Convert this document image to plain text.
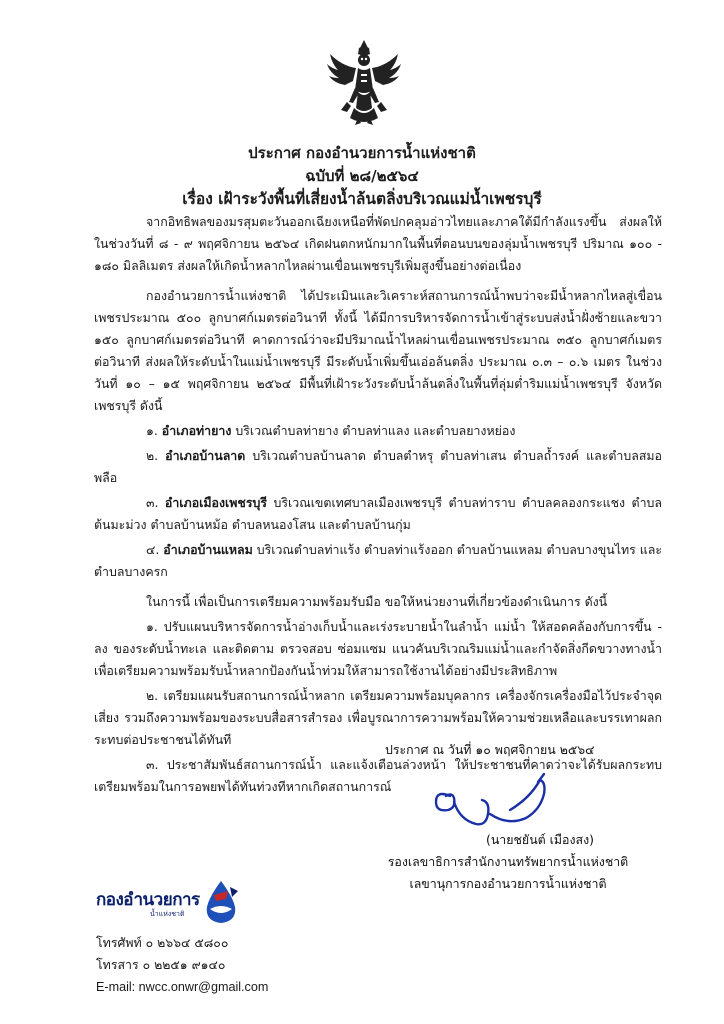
ประกาศ กองอำนวยการน้ำแห่งชาติ
ฉบับที่ ๒๘/๒๕๖๔
เรื่อง เฝ้าระวังพื้นที่เสี่ยงน้ำล้นตลิ่งบริเวณแม่น้ำเพชรบุรี

จากอิทธิพลของมรสุมตะวันออกเฉียงเหนือที่พัดปกคลุมอ่าวไทยและภาคใต้มีกำลังแรงขึ้น ส่งผลให้ในช่วงวันที่ ๘ - ๙ พฤศจิกายน ๒๕๖๔ เกิดฝนตกหนักมากในพื้นที่ตอนบนของลุ่มน้ำเพชรบุรี ปริมาณ ๑๐๐ - ๑๘๐ มิลลิเมตร ส่งผลให้เกิดน้ำหลากไหลผ่านเขื่อนเพชรบุรีเพิ่มสูงขึ้นอย่างต่อเนื่อง

กองอำนวยการน้ำแห่งชาติ ได้ประเมินและวิเคราะห์สถานการณ์น้ำพบว่าจะมีน้ำหลากไหลสู่เขื่อนเพชรประมาณ ๕๐๐ ลูกบาศก์เมตรต่อวินาที ทั้งนี้ ได้มีการบริหารจัดการน้ำเข้าสู่ระบบส่งน้ำฝั่งซ้ายและขวา ๑๕๐ ลูกบาศก์เมตรต่อวินาที คาดการณ์ว่าจะมีปริมาณน้ำไหลผ่านเขื่อนเพชรประมาณ ๓๕๐ ลูกบาศก์เมตรต่อวินาที ส่งผลให้ระดับน้ำในแม่น้ำเพชรบุรี มีระดับน้ำเพิ่มขึ้นเอ่อล้นตลิ่ง ประมาณ ๐.๓ – ๐.๖ เมตร ในช่วงวันที่ ๑๐ – ๑๕ พฤศจิกายน ๒๕๖๔ มีพื้นที่เฝ้าระวังระดับน้ำล้นตลิ่งในพื้นที่ลุ่มต่ำริมแม่น้ำเพชรบุรี จังหวัดเพชรบุรี ดังนี้

๑. อำเภอท่ายาง บริเวณตำบลท่ายาง ตำบลท่าแลง และตำบลยางหย่อง

๒. อำเภอบ้านลาด บริเวณตำบลบ้านลาด ตำบลตำหรุ ตำบลท่าเสน ตำบลถ้ำรงค์ และตำบลสมอพลือ

๓. อำเภอเมืองเพชรบุรี บริเวณเขตเทศบาลเมืองเพชรบุรี ตำบลท่าราบ ตำบลคลองกระแชง ตำบลต้นมะม่วง ตำบลบ้านหม้อ ตำบลหนองโสน และตำบลบ้านกุ่ม

๔. อำเภอบ้านแหลม บริเวณตำบลท่าแร้ง ตำบลท่าแร้งออก ตำบลบ้านแหลม ตำบลบางขุนไทร และตำบลบางครก

ในการนี้ เพื่อเป็นการเตรียมความพร้อมรับมือ ขอให้หน่วยงานที่เกี่ยวข้องดำเนินการ ดังนี้

๑. ปรับแผนบริหารจัดการน้ำอ่างเก็บน้ำและเร่งระบายน้ำในลำน้ำ แม่น้ำ ให้สอดคล้องกับการขึ้น - ลง ของระดับน้ำทะเล และติดตาม ตรวจสอบ ซ่อมแซม แนวคันบริเวณริมแม่น้ำและกำจัดสิ่งกีดขวางทางน้ำ เพื่อเตรียมความพร้อมรับน้ำหลากป้องกันน้ำท่วมให้สามารถใช้งานได้อย่างมีประสิทธิภาพ

๒. เตรียมแผนรับสถานการณ์น้ำหลาก เตรียมความพร้อมบุคลากร เครื่องจักรเครื่องมือไว้ประจำจุดเสี่ยง รวมถึงความพร้อมของระบบสื่อสารสำรอง เพื่อบูรณาการความพร้อมให้ความช่วยเหลือและบรรเทาผลกระทบต่อประชาชนได้ทันที

๓. ประชาสัมพันธ์สถานการณ์น้ำ และแจ้งเตือนล่วงหน้า ให้ประชาชนที่คาดว่าจะได้รับผลกระทบ เตรียมพร้อมในการอพยพได้ทันท่วงทีหากเกิดสถานการณ์

ประกาศ ณ วันที่ ๑๐ พฤศจิกายน ๒๕๖๔
(นายชยันต์ เมืองสง)
รองเลขาธิการสำนักงานทรัพยากรน้ำแห่งชาติ
เลขานุการกองอำนวยการน้ำแห่งชาติ
กองอำนวยการ
น้ำแห่งชาติ
โทรศัพท์ ๐ ๒๖๖๔ ๕๘๐๐
โทรสาร ๐ ๒๒๕๑ ๙๑๔๐
E-mail: nwcc.onwr@gmail.com
